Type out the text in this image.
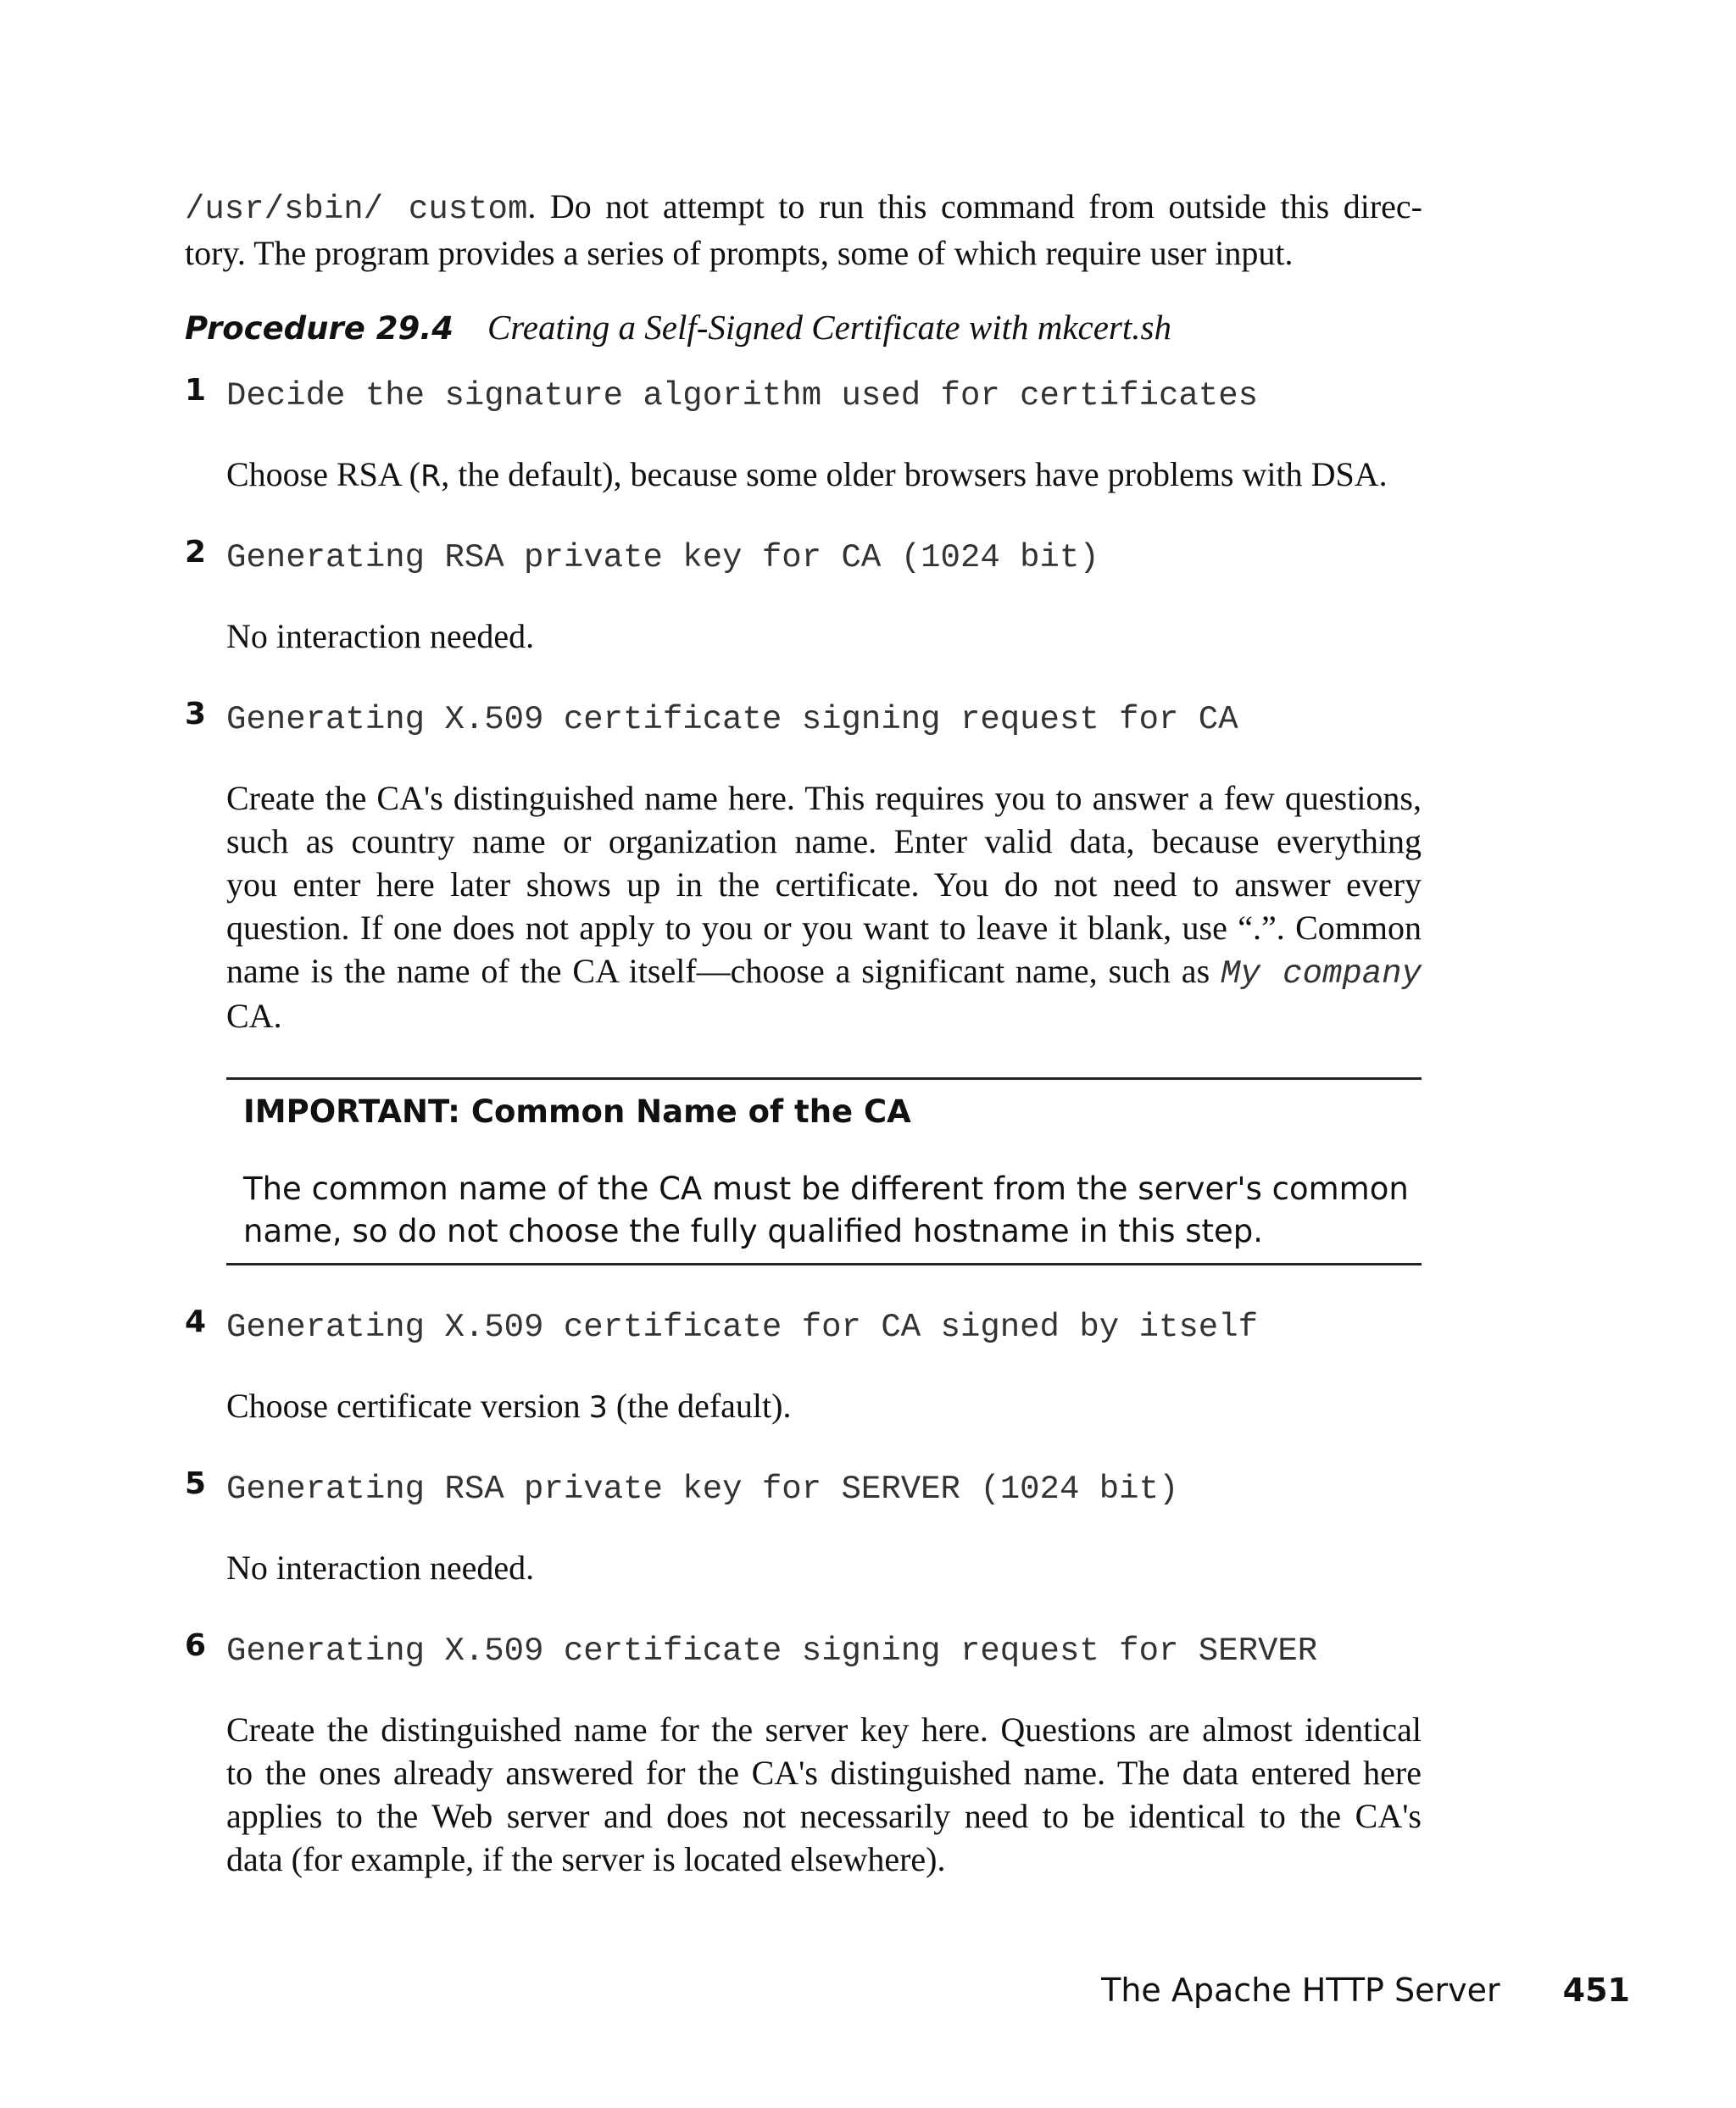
/usr/sbin/ custom. Do not attempt to run this command from outside this direc-
tory. The program provides a series of prompts, some of which require user input.
Procedure 29.4 Creating a Self-Signed Certificate with mkcert.sh
1 Decide the signature algorithm used for certificates
Choose RSA (R, the default), because some older browsers have problems with DSA.
2 Generating RSA private key for CA (1024 bit)
No interaction needed.
3 Generating X.509 certificate signing request for CA
Create the CA's distinguished name here. This requires you to answer a few questions,
such as country name or organization name. Enter valid data, because everything
you enter here later shows up in the certificate. You do not need to answer every
question. If one does not apply to you or you want to leave it blank, use “.”. Common
name is the name of the CA itself—choose a significant name, such as My company
CA.
IMPORTANT: Common Name of the CA
The common name of the CA must be different from the server's common
name, so do not choose the fully qualified hostname in this step.
4 Generating X.509 certificate for CA signed by itself
Choose certificate version 3 (the default).
5 Generating RSA private key for SERVER (1024 bit)
No interaction needed.
6 Generating X.509 certificate signing request for SERVER
Create the distinguished name for the server key here. Questions are almost identical
to the ones already answered for the CA's distinguished name. The data entered here
applies to the Web server and does not necessarily need to be identical to the CA's
data (for example, if the server is located elsewhere).
The Apache HTTP Server 451
